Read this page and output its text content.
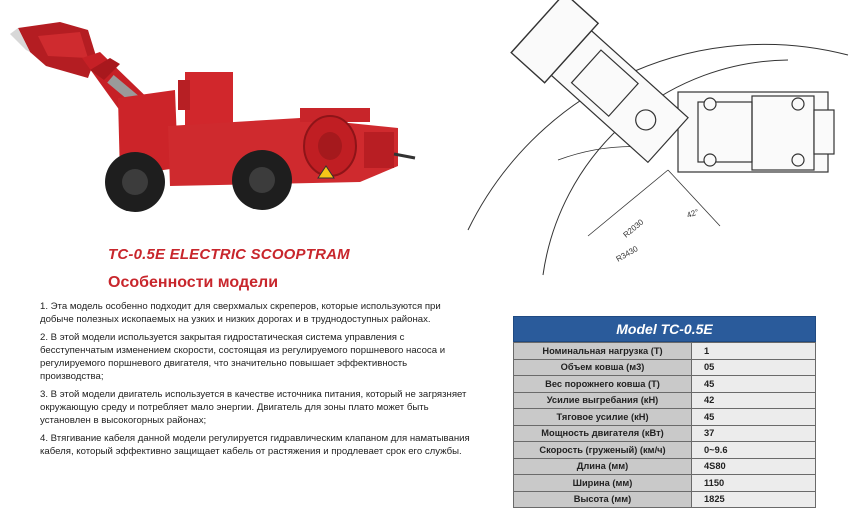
R2030
R3430
42°
TC-0.5E ELECTRIC SCOOPTRAM
Особенности модели

1. Эта модель особенно подходит для сверхмалых скреперов, которые используются при добыче полезных ископаемых на узких и низких дорогах и в труднодоступных районах.

2. В этой модели используется закрытая гидростатическая система управления с бесступенчатым изменением скорости, состоящая из регулируемого поршневого насоса и регулируемого поршневого двигателя, что значительно повышает эффективность производства;

3. В этой модели двигатель используется в качестве источника питания, который не загрязняет окружающую среду и потребляет мало энергии. Двигатель для зоны плато может быть установлен в высокогорных районах;

4. Втягивание кабеля данной модели регулируется гидравлическим клапаном для наматывания кабеля, который эффективно защищает кабель от растяжения и продлевает срок его службы.

Model TC-0.5E
Номинальная нагрузка (Т)	1
Объем ковша (м3)	05
Вес порожнего ковша (Т)	45
Усилие выгребания (кН)	42
Тяговое усилие (кН)	45
Мощность двигателя (кВт)	37
Скорость (груженый) (км/ч)	0~9.6
Длина (мм)	4S80
Ширина (мм)	1150
Высота (мм)	1825
